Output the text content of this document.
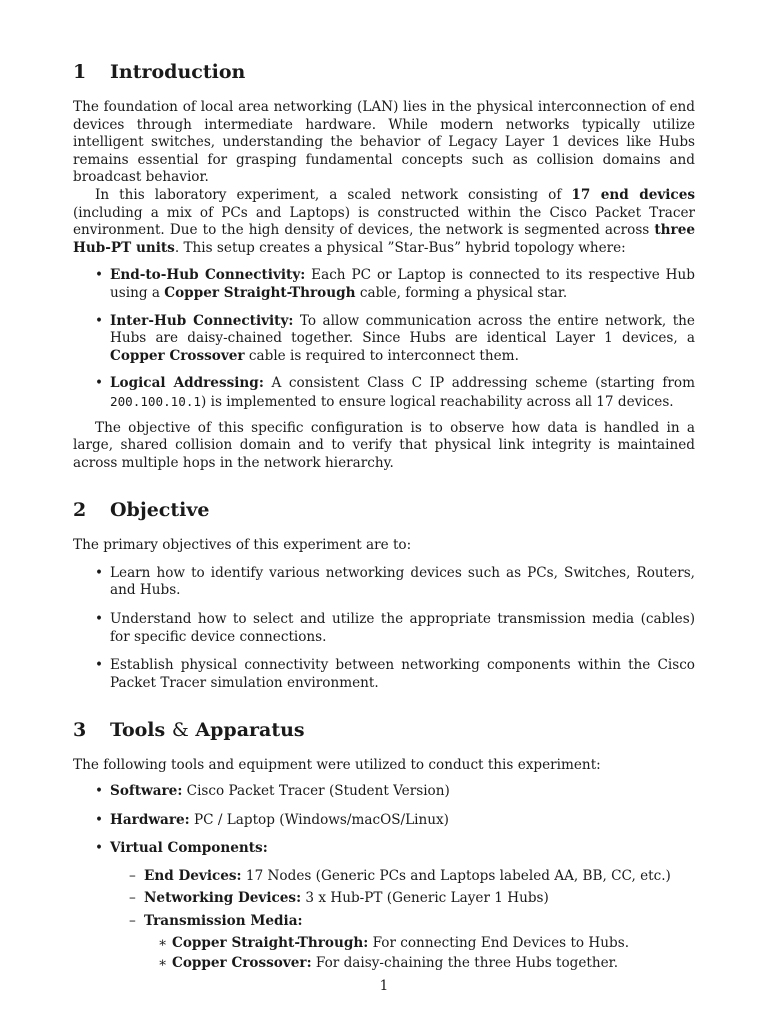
1 Introduction

The foundation of local area networking (LAN) lies in the physical interconnection of end devices through intermediate hardware. While modern networks typically utilize intelligent switches, understanding the behavior of Legacy Layer 1 devices like Hubs remains essential for grasping fundamental concepts such as collision domains and broadcast behavior.

In this laboratory experiment, a scaled network consisting of 17 end devices (including a mix of PCs and Laptops) is constructed within the Cisco Packet Tracer environment. Due to the high density of devices, the network is segmented across three Hub-PT units. This setup creates a physical ”Star-Bus” hybrid topology where:

• End-to-Hub Connectivity: Each PC or Laptop is connected to its respective Hub using a Copper Straight-Through cable, forming a physical star.
• Inter-Hub Connectivity: To allow communication across the entire network, the Hubs are daisy-chained together. Since Hubs are identical Layer 1 devices, a Copper Crossover cable is required to interconnect them.
• Logical Addressing: A consistent Class C IP addressing scheme (starting from 200.100.10.1) is implemented to ensure logical reachability across all 17 devices.

The objective of this specific configuration is to observe how data is handled in a large, shared collision domain and to verify that physical link integrity is maintained across multiple hops in the network hierarchy.

2 Objective

The primary objectives of this experiment are to:

• Learn how to identify various networking devices such as PCs, Switches, Routers, and Hubs.
• Understand how to select and utilize the appropriate transmission media (cables) for specific device connections.
• Establish physical connectivity between networking components within the Cisco Packet Tracer simulation environment.
3 Tools & Apparatus

The following tools and equipment were utilized to conduct this experiment:

• Software: Cisco Packet Tracer (Student Version)
• Hardware: PC / Laptop (Windows/macOS/Linux)
• Virtual Components:
– End Devices: 17 Nodes (Generic PCs and Laptops labeled AA, BB, CC, etc.)
– Networking Devices: 3 x Hub-PT (Generic Layer 1 Hubs)
– Transmission Media:
∗ Copper Straight-Through: For connecting End Devices to Hubs.
∗ Copper Crossover: For daisy-chaining the three Hubs together.
1
